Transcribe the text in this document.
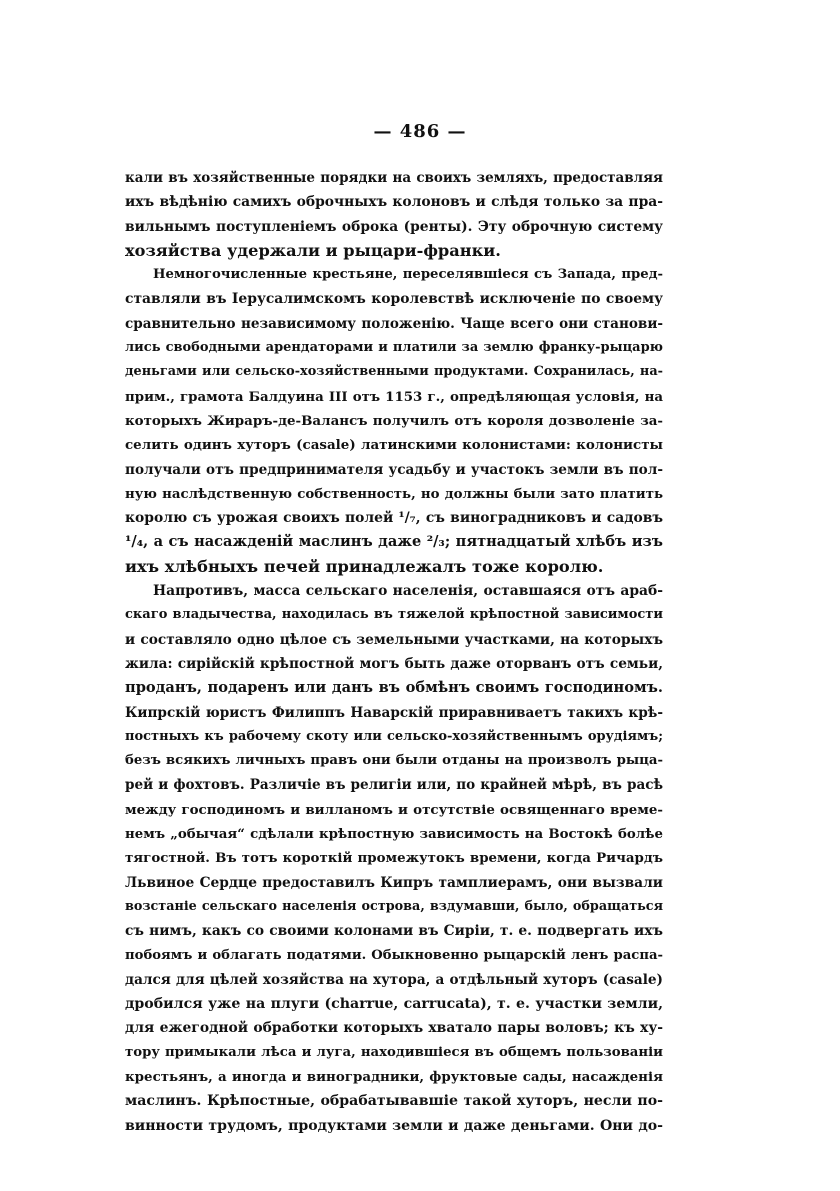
— 486 —
кали въ хозяйственные порядки на своихъ земляхъ, предоставляя
ихъ вѣдѣнію самихъ оброчныхъ колоновъ и слѣдя только за пра-
вильнымъ поступленіемъ оброка (ренты). Эту оброчную систему
хозяйства удержали и рыцари-франки.
Немногочисленные крестьяне, переселявшіеся съ Запада, пред-
ставляли въ Іерусалимскомъ королевствѣ исключеніе по своему
сравнительно независимому положенію. Чаще всего они станови-
лись свободными арендаторами и платили за землю франку-рыцарю
деньгами или сельско-хозяйственными продуктами. Сохранилась, на-
прим., грамота Балдуина III отъ 1153 г., опредѣляющая условія, на
которыхъ Жираръ-де-Валансъ получилъ отъ короля дозволеніе за-
селить одинъ хуторъ (casale) латинскими колонистами: колонисты
получали отъ предпринимателя усадьбу и участокъ земли въ пол-
ную наслѣдственную собственность, но должны были зато платить
королю съ урожая своихъ полей ¹/₇, съ виноградниковъ и садовъ
¹/₄, а съ насажденій маслинъ даже ²/₃; пятнадцатый хлѣбъ изъ
ихъ хлѣбныхъ печей принадлежалъ тоже королю.
Напротивъ, масса сельскаго населенія, оставшаяся отъ араб-
скаго владычества, находилась въ тяжелой крѣпостной зависимости
и составляло одно цѣлое съ земельными участками, на которыхъ
жила: сирійскій крѣпостной могъ быть даже оторванъ отъ семьи,
проданъ, подаренъ или данъ въ обмѣнъ своимъ господиномъ.
Кипрскій юристъ Филиппъ Наварскій приравниваетъ такихъ крѣ-
постныхъ къ рабочему скоту или сельско-хозяйственнымъ орудіямъ;
безъ всякихъ личныхъ правъ они были отданы на произволъ рыца-
рей и фохтовъ. Различіе въ религіи или, по крайней мѣрѣ, въ расѣ
между господиномъ и вилланомъ и отсутствіе освященнаго време-
немъ „обычая“ сдѣлали крѣпостную зависимость на Востокѣ болѣе
тягостной. Въ тотъ короткій промежутокъ времени, когда Ричардъ
Львиное Сердце предоставилъ Кипръ тамплиерамъ, они вызвали
возстаніе сельскаго населенія острова, вздумавши, было, обращаться
съ нимъ, какъ со своими колонами въ Сиріи, т. е. подвергать ихъ
побоямъ и облагать податями. Обыкновенно рыцарскій ленъ распа-
дался для цѣлей хозяйства на хутора, а отдѣльный хуторъ (casale)
дробился уже на плуги (charrue, carrucata), т. е. участки земли,
для ежегодной обработки которыхъ хватало пары воловъ; къ ху-
тору примыкали лѣса и луга, находившіеся въ общемъ пользованіи
крестьянъ, а иногда и виноградники, фруктовые сады, насажденія
маслинъ. Крѣпостные, обрабатывавшіе такой хуторъ, несли по-
винности трудомъ, продуктами земли и даже деньгами. Они до-
